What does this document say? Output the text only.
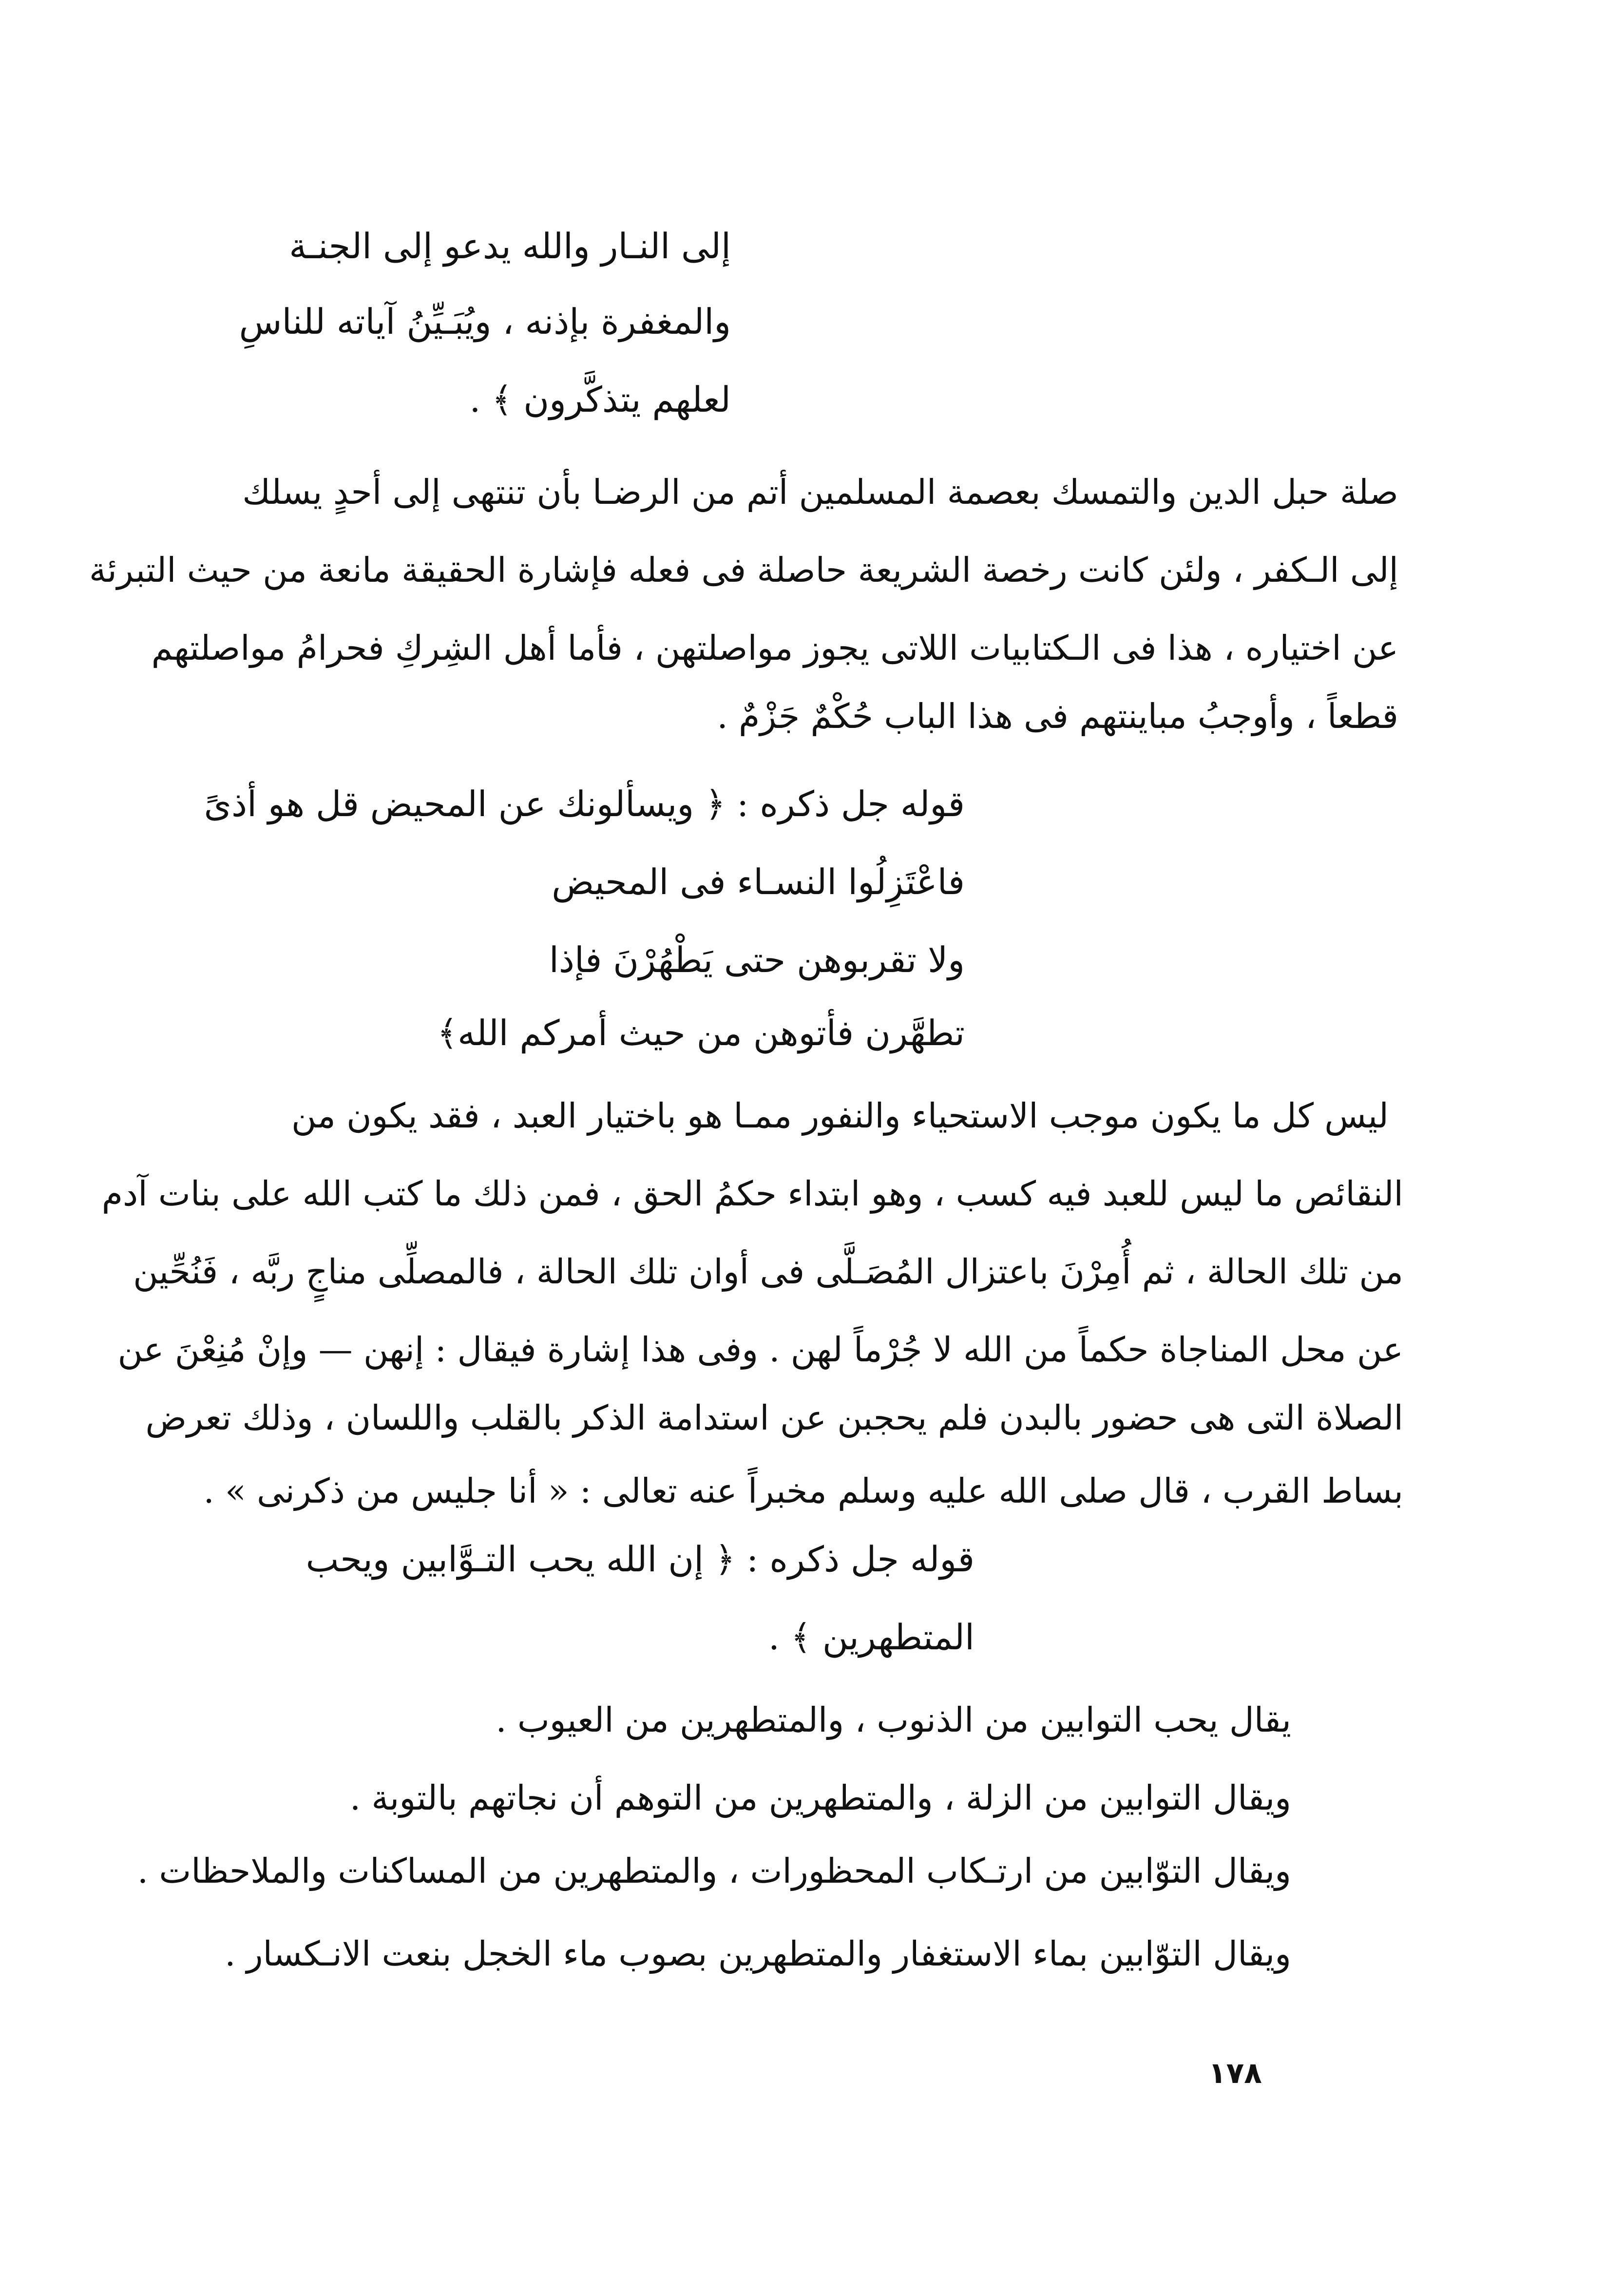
إلى النـار والله يدعو إلى الجنـة

والمغفرة بإذنه ، ويُبَـيِّنُ آياته للناسِ

لعلهم يتذكَّرون ﴾ .

صلة حبل الدين والتمسك بعصمة المسلمين أتم من الرضـا بأن تنتهى إلى أحدٍ يسلك

إلى الـكفر ، ولئن كانت رخصة الشريعة حاصلة فى فعله فإشارة الحقيقة مانعة من حيث التبرئة

عن اختياره ، هذا فى الـكتابيات اللاتى يجوز مواصلتهن ، فأما أهل الشِركِ فحرامُ مواصلتهم

قطعاً ، وأوجبُ مباينتهم فى هذا الباب حُكْمٌ جَزْمٌ .

قوله جل ذكره : ﴿ ويسألونك عن المحيض قل هو أذىً

فاعْتَزِلُوا النسـاء فى المحيض

ولا تقربوهن حتى يَطْهُرْنَ فإذا

تطهَّرن فأتوهن من حيث أمركم الله﴾

ليس كل ما يكون موجب الاستحياء والنفور ممـا هو باختيار العبد ، فقد يكون من

النقائص ما ليس للعبد فيه كسب ، وهو ابتداء حكمُ الحق ، فمن ذلك ما كتب الله على بنات آدم

من تلك الحالة ، ثم أُمِرْنَ باعتزال المُصَـلَّى فى أوان تلك الحالة ، فالمصلِّى مناجٍ ربَّه ، فَنُحِّين

عن محل المناجاة حكماً من الله لا جُرْماً لهن . وفى هذا إشارة فيقال : إنهن — وإنْ مُنِعْنَ عن

الصلاة التى هى حضور بالبدن فلم يحجبن عن استدامة الذكر بالقلب واللسان ، وذلك تعرض

بساط القرب ، قال صلى الله عليه وسلم مخبراً عنه تعالى : « أنا جليس من ذكرنى » .

قوله جل ذكره : ﴿ إن الله يحب التـوَّابين ويحب

المتطهرين ﴾ .

يقال يحب التوابين من الذنوب ، والمتطهرين من العيوب .

ويقال التوابين من الزلة ، والمتطهرين من التوهم أن نجاتهم بالتوبة .

ويقال التوّابين من ارتـكاب المحظورات ، والمتطهرين من المساكنات والملاحظات .

ويقال التوّابين بماء الاستغفار والمتطهرين بصوب ماء الخجل بنعت الانـكسار .

١٧٨
